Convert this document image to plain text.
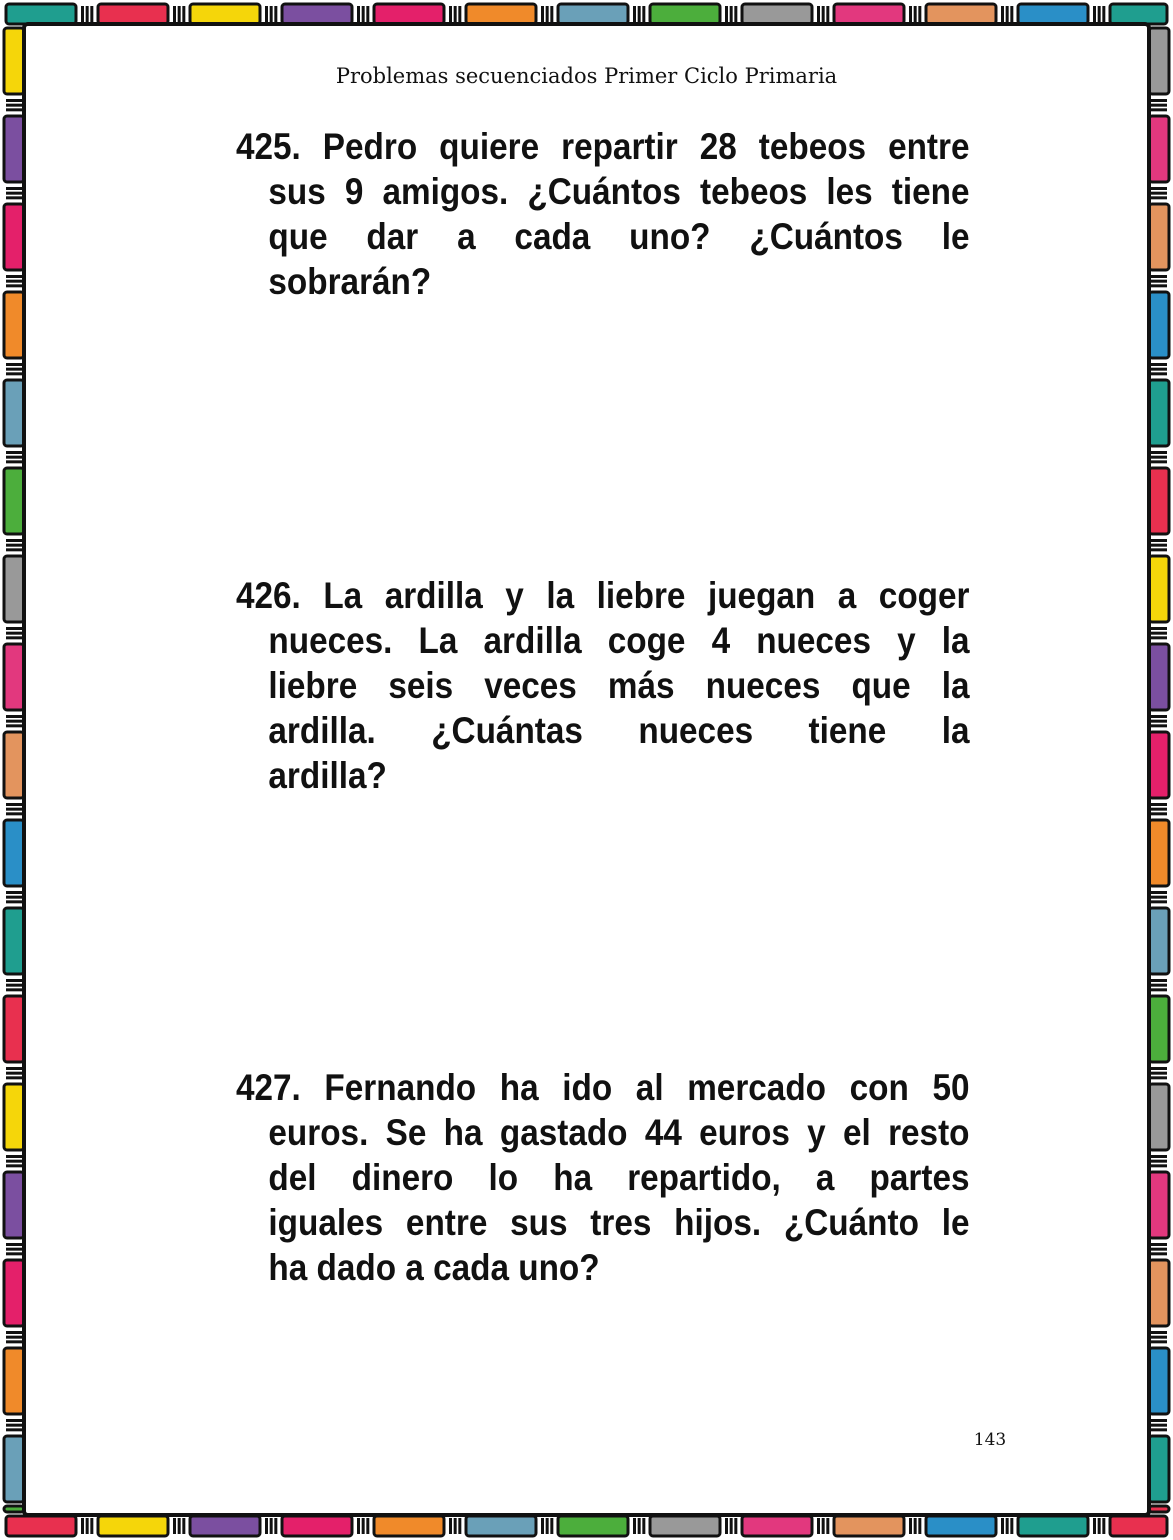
Problemas secuenciados Primer Ciclo Primaria
425. Pedro quiere repartir 28 tebeos entre
sus 9 amigos. ¿Cuántos tebeos les tiene
que dar a cada uno? ¿Cuántos le
sobrarán?
426. La ardilla y la liebre juegan a coger
nueces. La ardilla coge 4 nueces y la
liebre seis veces más nueces que la
ardilla. ¿Cuántas nueces tiene la
ardilla?
427. Fernando ha ido al mercado con 50
euros. Se ha gastado 44 euros y el resto
del dinero lo ha repartido, a partes
iguales entre sus tres hijos. ¿Cuánto le
ha dado a cada uno?
143
